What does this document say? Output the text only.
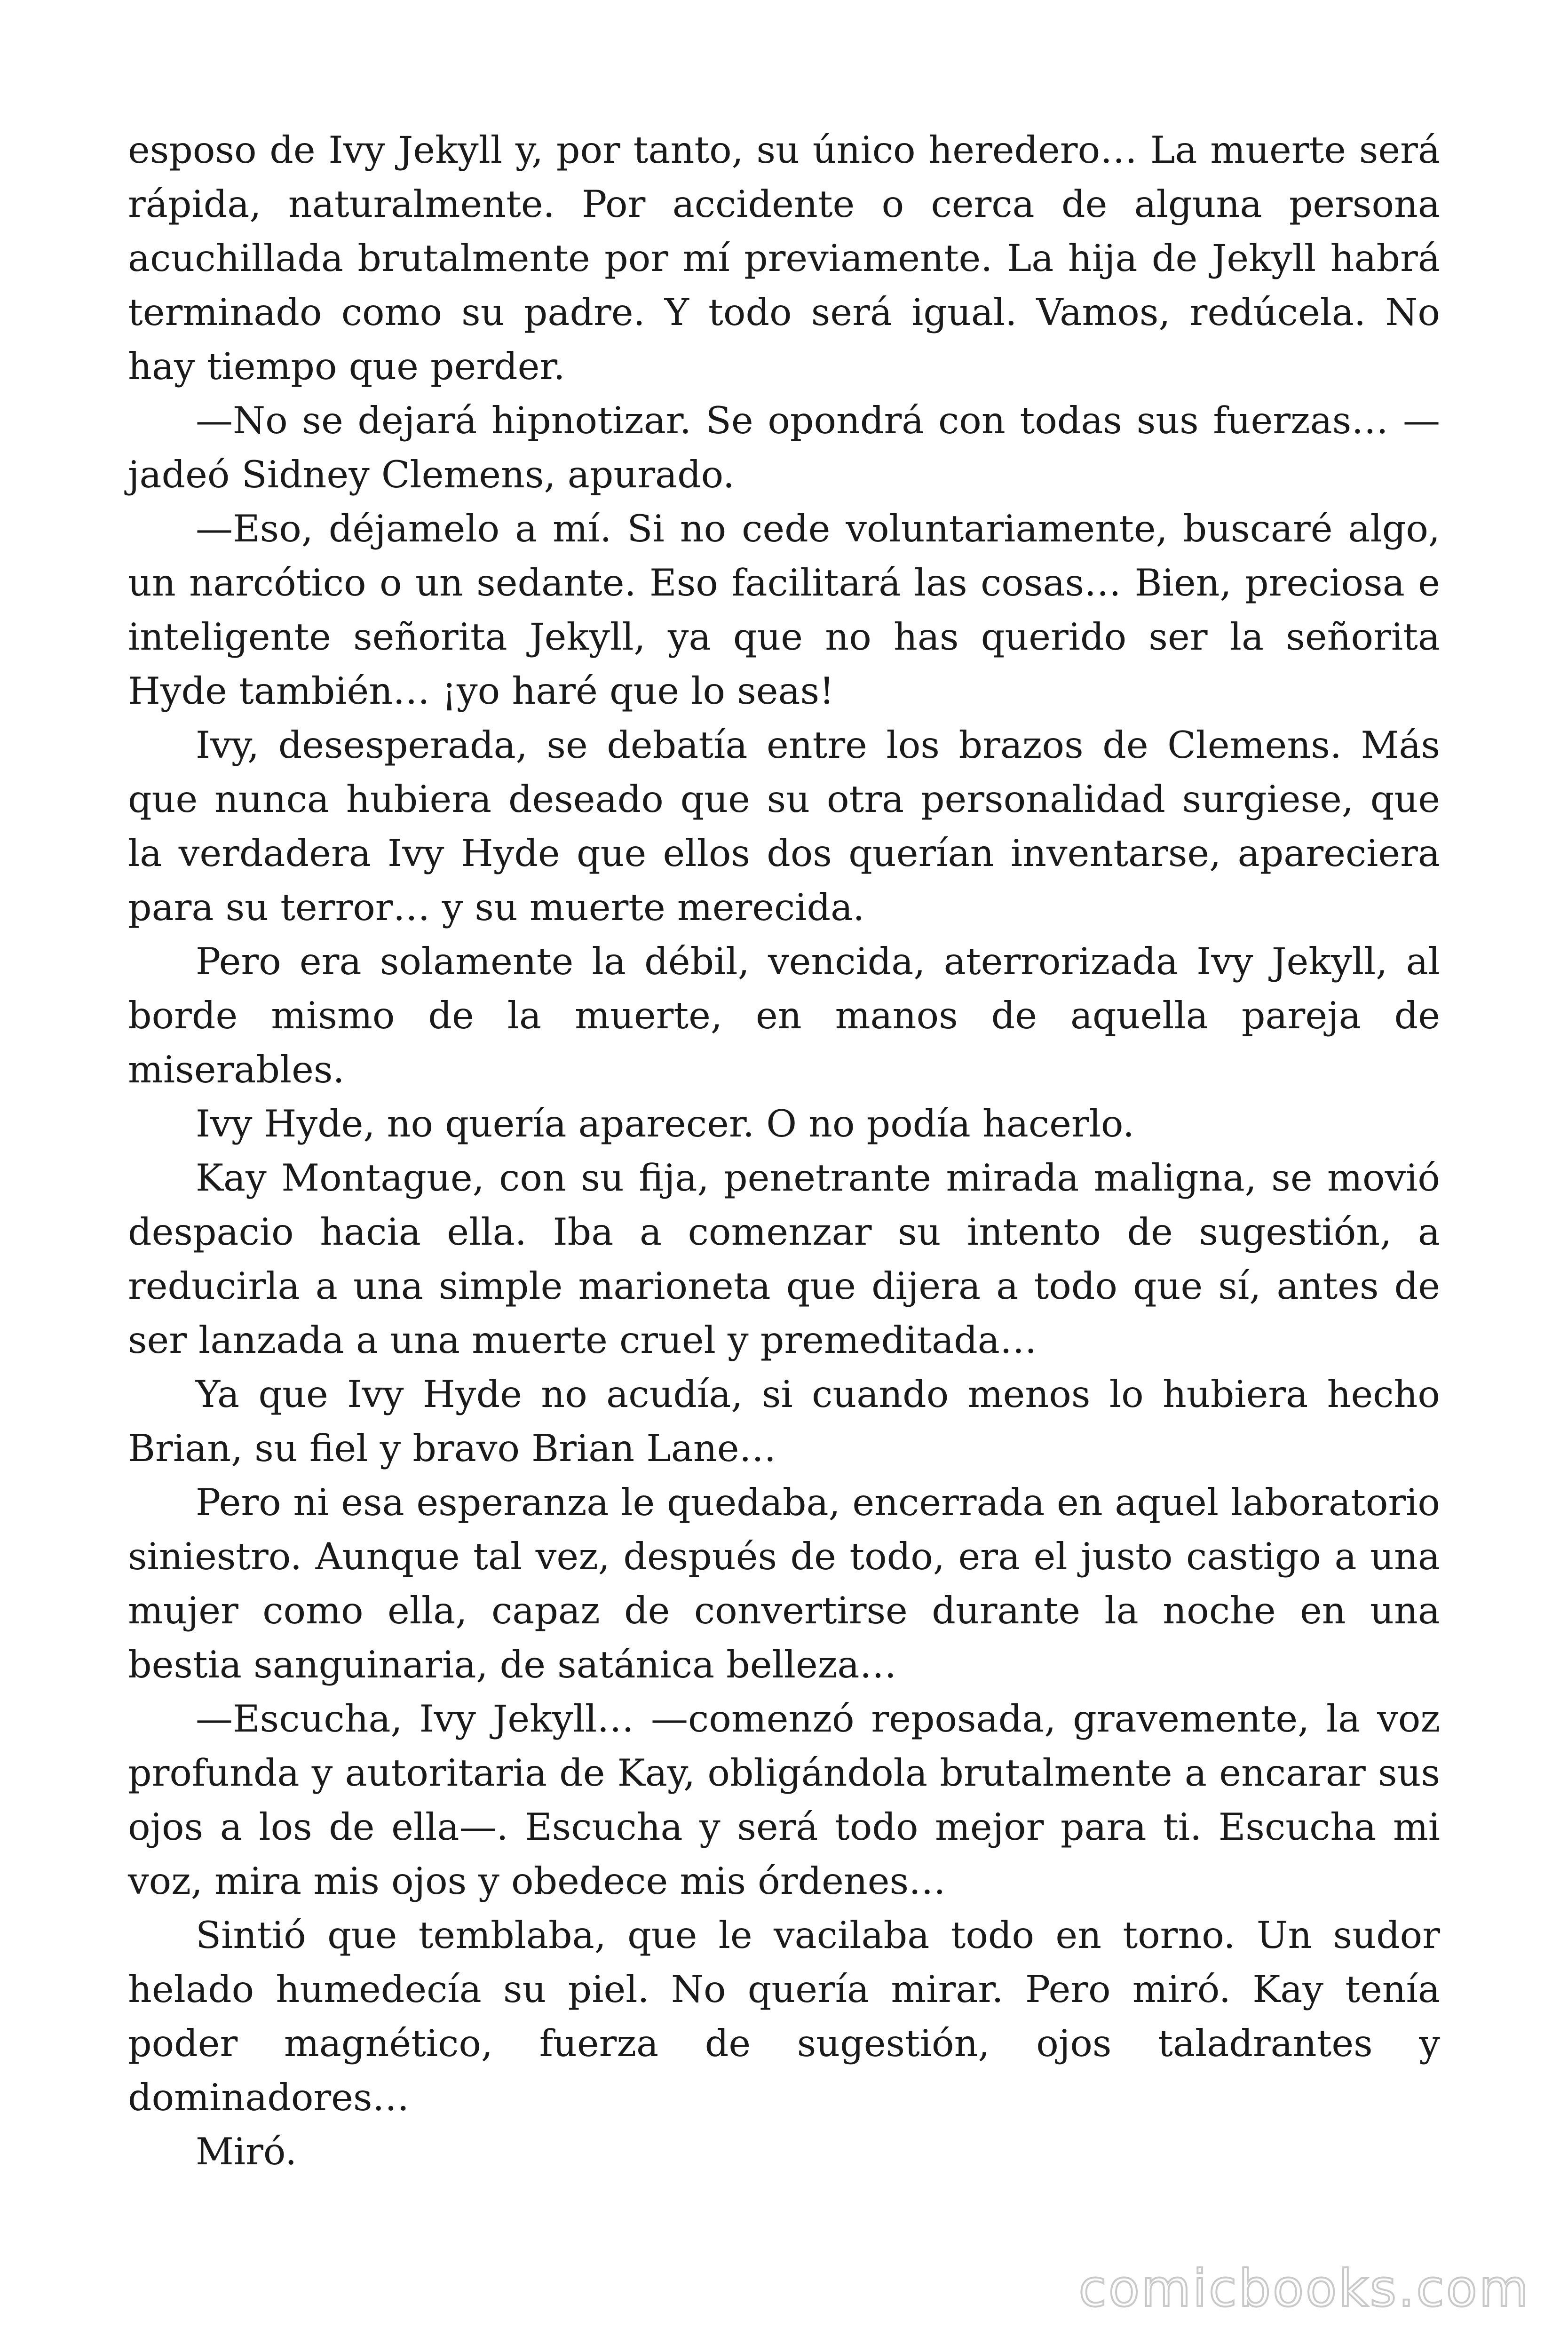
esposo de Ivy Jekyll y, por tanto, su único heredero… La muerte será rápida, naturalmente. Por accidente o cerca de alguna persona acuchillada brutalmente por mí previamente. La hija de Jekyll habrá terminado como su padre. Y todo será igual. Vamos, redúcela. No hay tiempo que perder.

—No se dejará hipnotizar. Se opondrá con todas sus fuerzas… —jadeó Sidney Clemens, apurado.

—Eso, déjamelo a mí. Si no cede voluntariamente, buscaré algo, un narcótico o un sedante. Eso facilitará las cosas… Bien, preciosa e inteligente señorita Jekyll, ya que no has querido ser la señorita Hyde también… ¡yo haré que lo seas!

Ivy, desesperada, se debatía entre los brazos de Clemens. Más que nunca hubiera deseado que su otra personalidad surgiese, que la verdadera Ivy Hyde que ellos dos querían inventarse, apareciera para su terror… y su muerte merecida.

Pero era solamente la débil, vencida, aterrorizada Ivy Jekyll, al borde mismo de la muerte, en manos de aquella pareja de miserables.

Ivy Hyde, no quería aparecer. O no podía hacerlo.

Kay Montague, con su fija, penetrante mirada maligna, se movió despacio hacia ella. Iba a comenzar su intento de sugestión, a reducirla a una simple marioneta que dijera a todo que sí, antes de ser lanzada a una muerte cruel y premeditada…

Ya que Ivy Hyde no acudía, si cuando menos lo hubiera hecho Brian, su fiel y bravo Brian Lane…

Pero ni esa esperanza le quedaba, encerrada en aquel laboratorio siniestro. Aunque tal vez, después de todo, era el justo castigo a una mujer como ella, capaz de convertirse durante la noche en una bestia sanguinaria, de satánica belleza…

—Escucha, Ivy Jekyll… —comenzó reposada, gravemente, la voz profunda y autoritaria de Kay, obligándola brutalmente a encarar sus ojos a los de ella—. Escucha y será todo mejor para ti. Escucha mi voz, mira mis ojos y obedece mis órdenes…

Sintió que temblaba, que le vacilaba todo en torno. Un sudor helado humedecía su piel. No quería mirar. Pero miró. Kay tenía poder magnético, fuerza de sugestión, ojos taladrantes y dominadores…

Miró.

comicbooks.com
